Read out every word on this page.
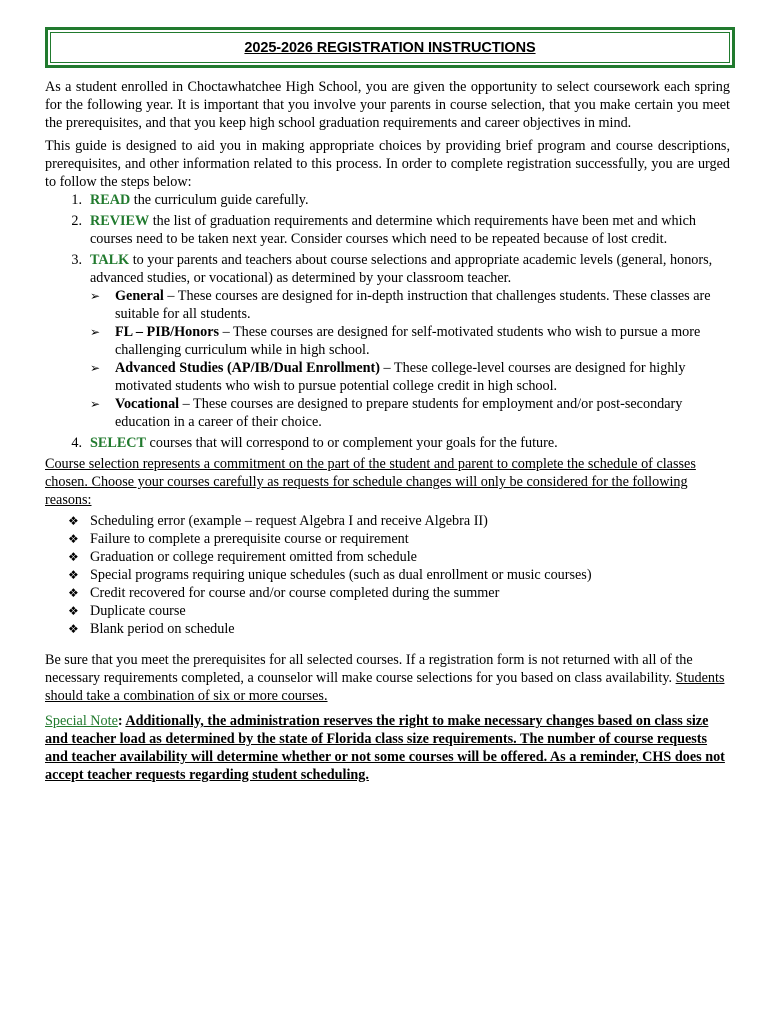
2025-2026 REGISTRATION INSTRUCTIONS

As a student enrolled in Choctawhatchee High School, you are given the opportunity to select coursework each spring for the following year. It is important that you involve your parents in course selection, that you make certain you meet the prerequisites, and that you keep high school graduation requirements and career objectives in mind.

This guide is designed to aid you in making appropriate choices by providing brief program and course descriptions, prerequisites, and other information related to this process. In order to complete registration successfully, you are urged to follow the steps below:

1. READ the curriculum guide carefully.
2. REVIEW the list of graduation requirements and determine which requirements have been met and which courses need to be taken next year. Consider courses which need to be repeated because of lost credit.
3. TALK to your parents and teachers about course selections and appropriate academic levels (general, honors, advanced studies, or vocational) as determined by your classroom teacher.
➢	General – These courses are designed for in-depth instruction that challenges students. These classes are suitable for all students.
➢	FL – PIB/Honors – These courses are designed for self-motivated students who wish to pursue a more challenging curriculum while in high school.
➢	Advanced Studies (AP/IB/Dual Enrollment) – These college-level courses are designed for highly motivated students who wish to pursue potential college credit in high school.
➢	Vocational – These courses are designed to prepare students for employment and/or post-secondary education in a career of their choice.
4. SELECT courses that will correspond to or complement your goals for the future.

Course selection represents a commitment on the part of the student and parent to complete the schedule of classes chosen. Choose your courses carefully as requests for schedule changes will only be considered for the following reasons:

❖ Scheduling error (example – request Algebra I and receive Algebra II)
❖ Failure to complete a prerequisite course or requirement
❖ Graduation or college requirement omitted from schedule
❖ Special programs requiring unique schedules (such as dual enrollment or music courses)
❖ Credit recovered for course and/or course completed during the summer
❖ Duplicate course
❖ Blank period on schedule

Be sure that you meet the prerequisites for all selected courses. If a registration form is not returned with all of the necessary requirements completed, a counselor will make course selections for you based on class availability. Students should take a combination of six or more courses.

Special Note: Additionally, the administration reserves the right to make necessary changes based on class size and teacher load as determined by the state of Florida class size requirements. The number of course requests and teacher availability will determine whether or not some courses will be offered. As a reminder, CHS does not accept teacher requests regarding student scheduling.
